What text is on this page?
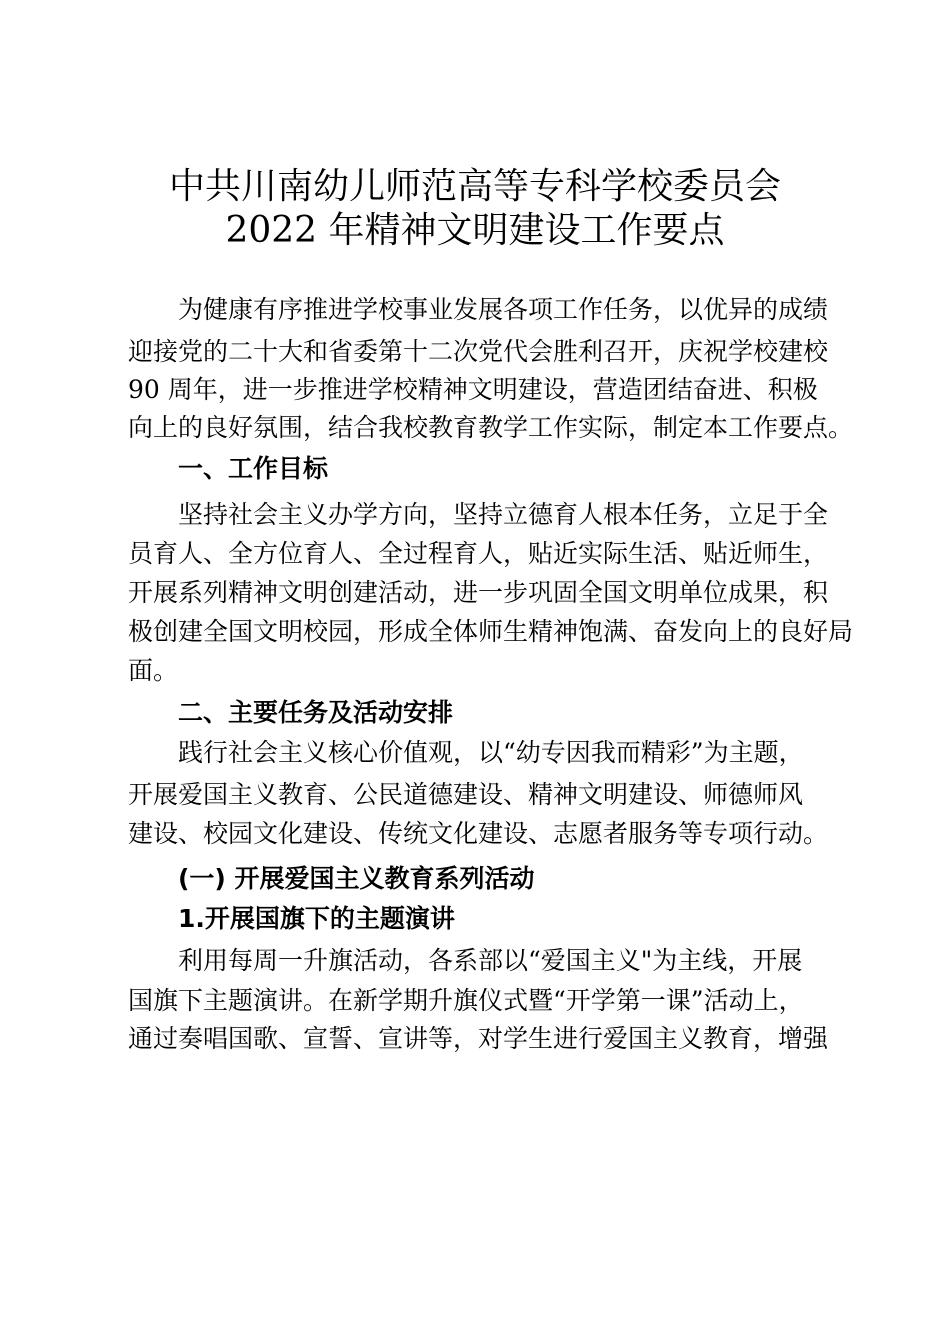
中共川南幼儿师范高等专科学校委员会
2022 年精神文明建设工作要点
为健康有序推进学校事业发展各项工作任务，以优异的成绩
迎接党的二十大和省委第十二次党代会胜利召开，庆祝学校建校
90 周年，进一步推进学校精神文明建设，营造团结奋进、积极
向上的良好氛围，结合我校教育教学工作实际，制定本工作要点。
一、工作目标
坚持社会主义办学方向，坚持立德育人根本任务，立足于全
员育人、全方位育人、全过程育人，贴近实际生活、贴近师生，
开展系列精神文明创建活动，进一步巩固全国文明单位成果，积
极创建全国文明校园，形成全体师生精神饱满、奋发向上的良好局
面。
二、主要任务及活动安排
践行社会主义核心价值观，以“幼专因我而精彩”为主题，
开展爱国主义教育、公民道德建设、精神文明建设、师德师风
建设、校园文化建设、传统文化建设、志愿者服务等专项行动。
(一) 开展爱国主义教育系列活动
1.开展国旗下的主题演讲
利用每周一升旗活动，各系部以“爱国主义"为主线，开展
国旗下主题演讲。在新学期升旗仪式暨“开学第一课”活动上，
通过奏唱国歌、宣誓、宣讲等，对学生进行爱国主义教育，增强
